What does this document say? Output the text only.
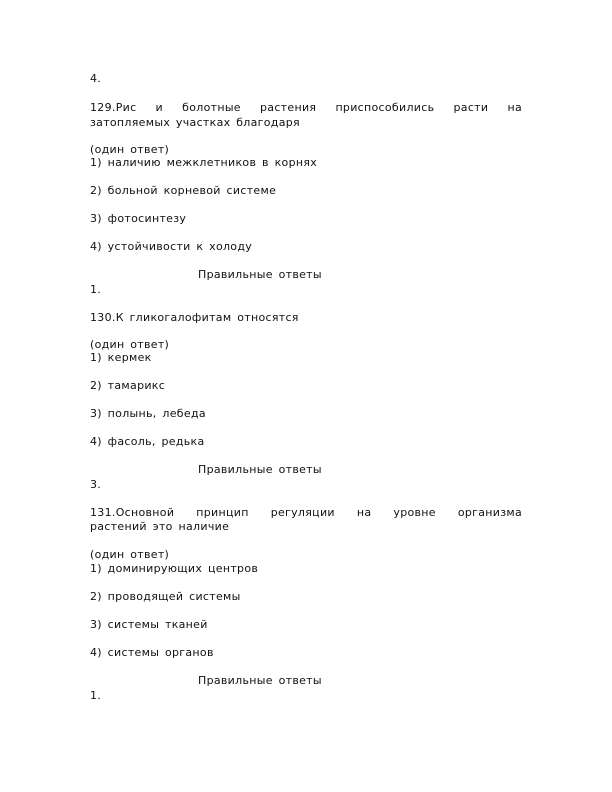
4.
129.Рис и болотные растения приспособились расти на
затопляемых участках благодаря
(один ответ)
1) наличию межклетников в корнях
2) больной корневой системе
3) фотосинтезу
4) устойчивости к холоду
Правильные ответы
1.
130.К гликогалофитам относятся
(один ответ)
1) кермек
2) тамарикс
3) полынь, лебеда
4) фасоль, редька
Правильные ответы
3.
131.Основной принцип регуляции на уровне организма
растений это наличие
(один ответ)
1) доминирующих центров
2) проводящей системы
3) системы тканей
4) системы органов
Правильные ответы
1.
